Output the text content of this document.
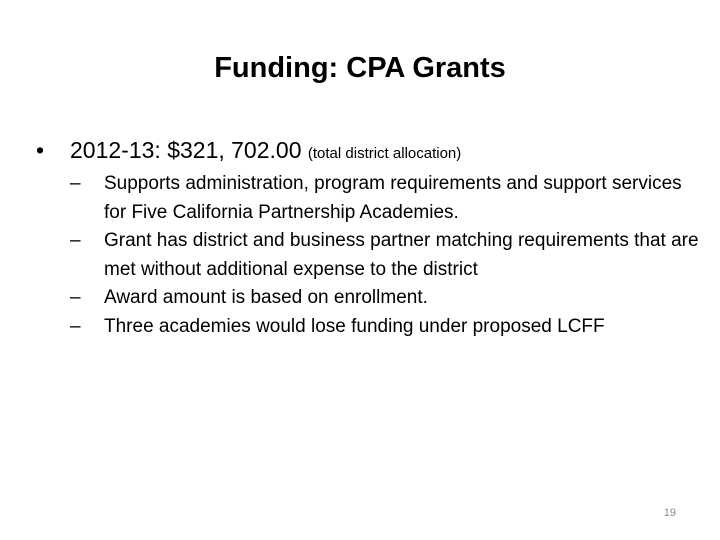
Funding: CPA Grants
• 2012-13: $321, 702.00 (total district allocation)
– Supports administration, program requirements and support services for Five California Partnership Academies.
– Grant has district and business partner matching requirements that are met without additional expense to the district
– Award amount is based on enrollment.
– Three academies would lose funding under proposed LCFF
19
